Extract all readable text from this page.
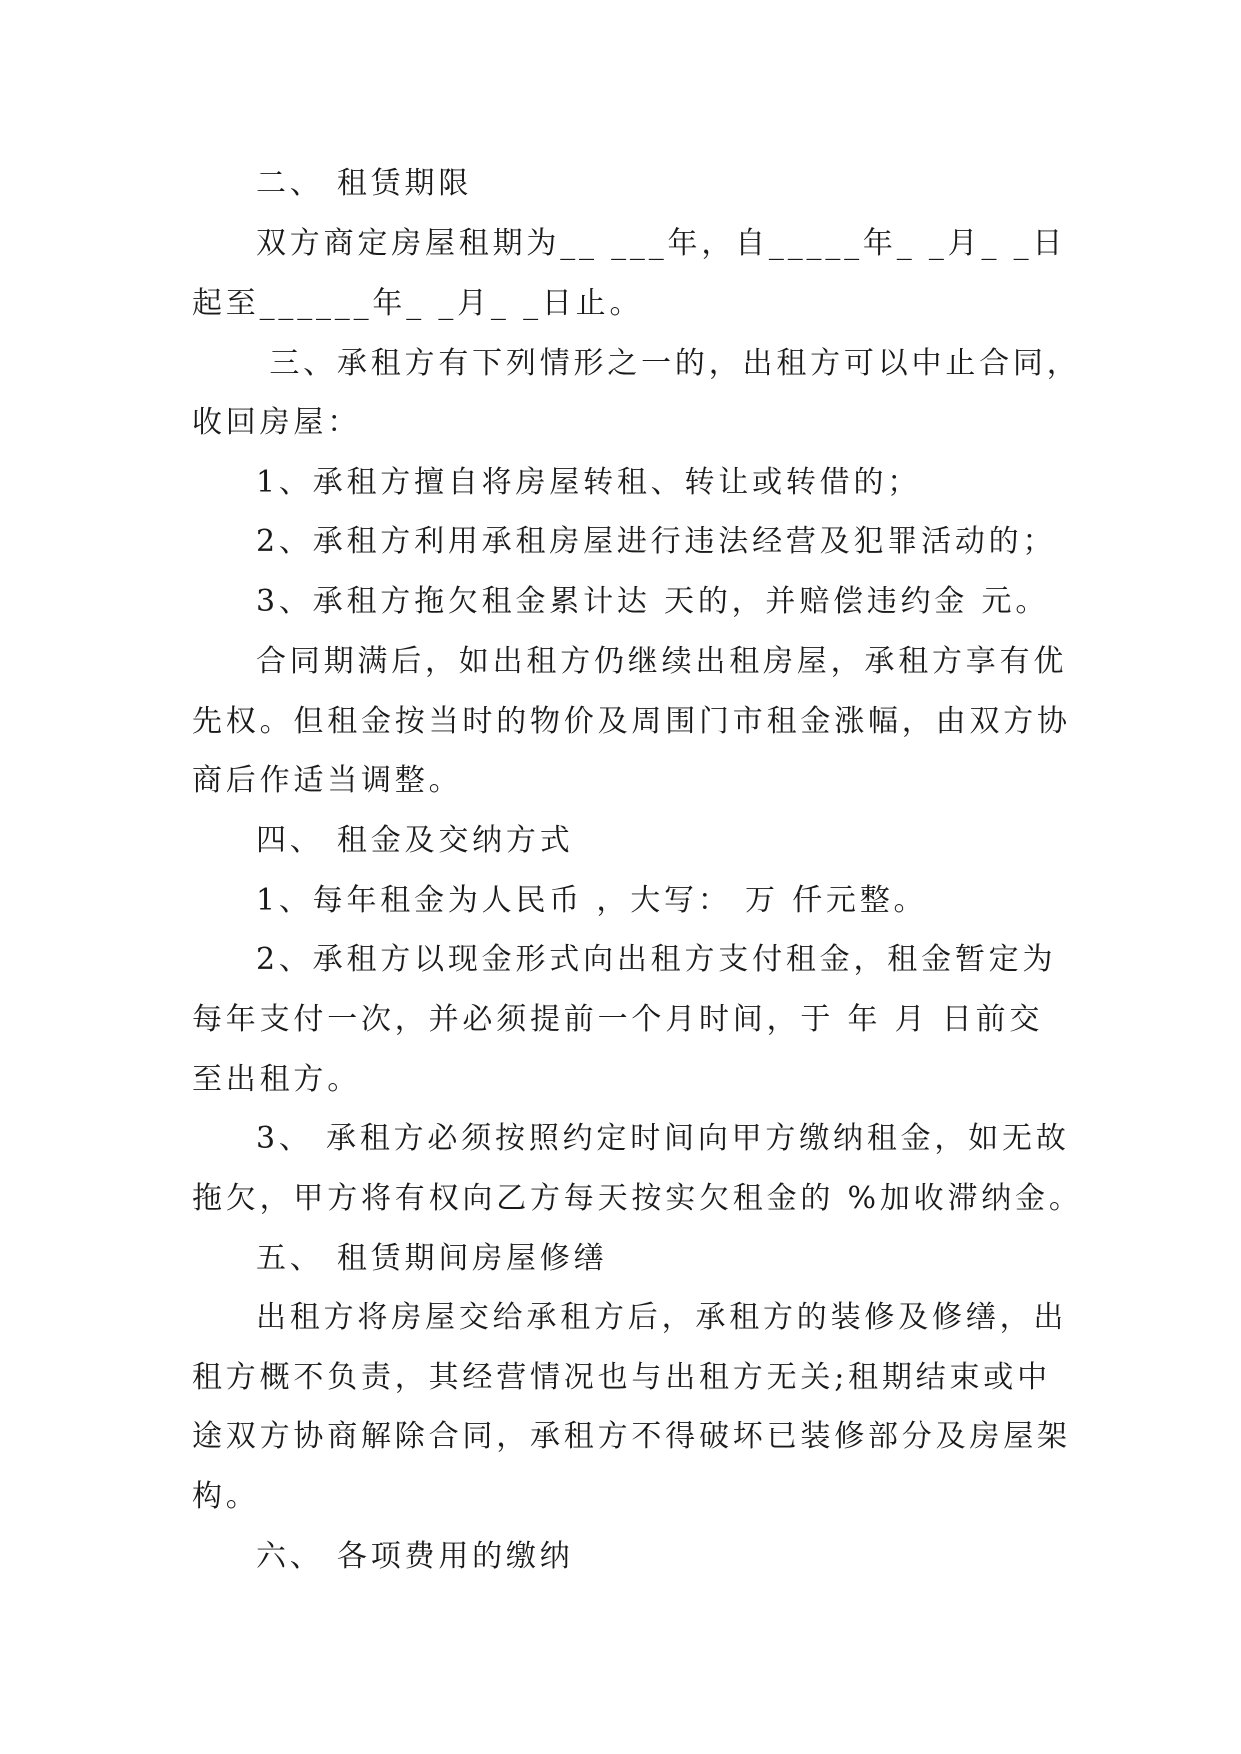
二、 租赁期限
双方商定房屋租期为__ ___年，自_____年_ _月_ _日
起至______年_ _月_ _日止。
三、承租方有下列情形之一的，出租方可以中止合同，
收回房屋：
1、承租方擅自将房屋转租、转让或转借的；
2、承租方利用承租房屋进行违法经营及犯罪活动的；
3、承租方拖欠租金累计达 天的，并赔偿违约金 元。
合同期满后，如出租方仍继续出租房屋，承租方享有优
先权。但租金按当时的物价及周围门市租金涨幅，由双方协
商后作适当调整。
四、 租金及交纳方式
1、每年租金为人民币 ，大写： 万 仟元整。
2、承租方以现金形式向出租方支付租金，租金暂定为
每年支付一次，并必须提前一个月时间，于 年 月 日前交
至出租方。
3、 承租方必须按照约定时间向甲方缴纳租金，如无故
拖欠，甲方将有权向乙方每天按实欠租金的 %加收滞纳金。
五、 租赁期间房屋修缮
出租方将房屋交给承租方后，承租方的装修及修缮，出
租方概不负责，其经营情况也与出租方无关;租期结束或中
途双方协商解除合同，承租方不得破坏已装修部分及房屋架
构。
六、 各项费用的缴纳
